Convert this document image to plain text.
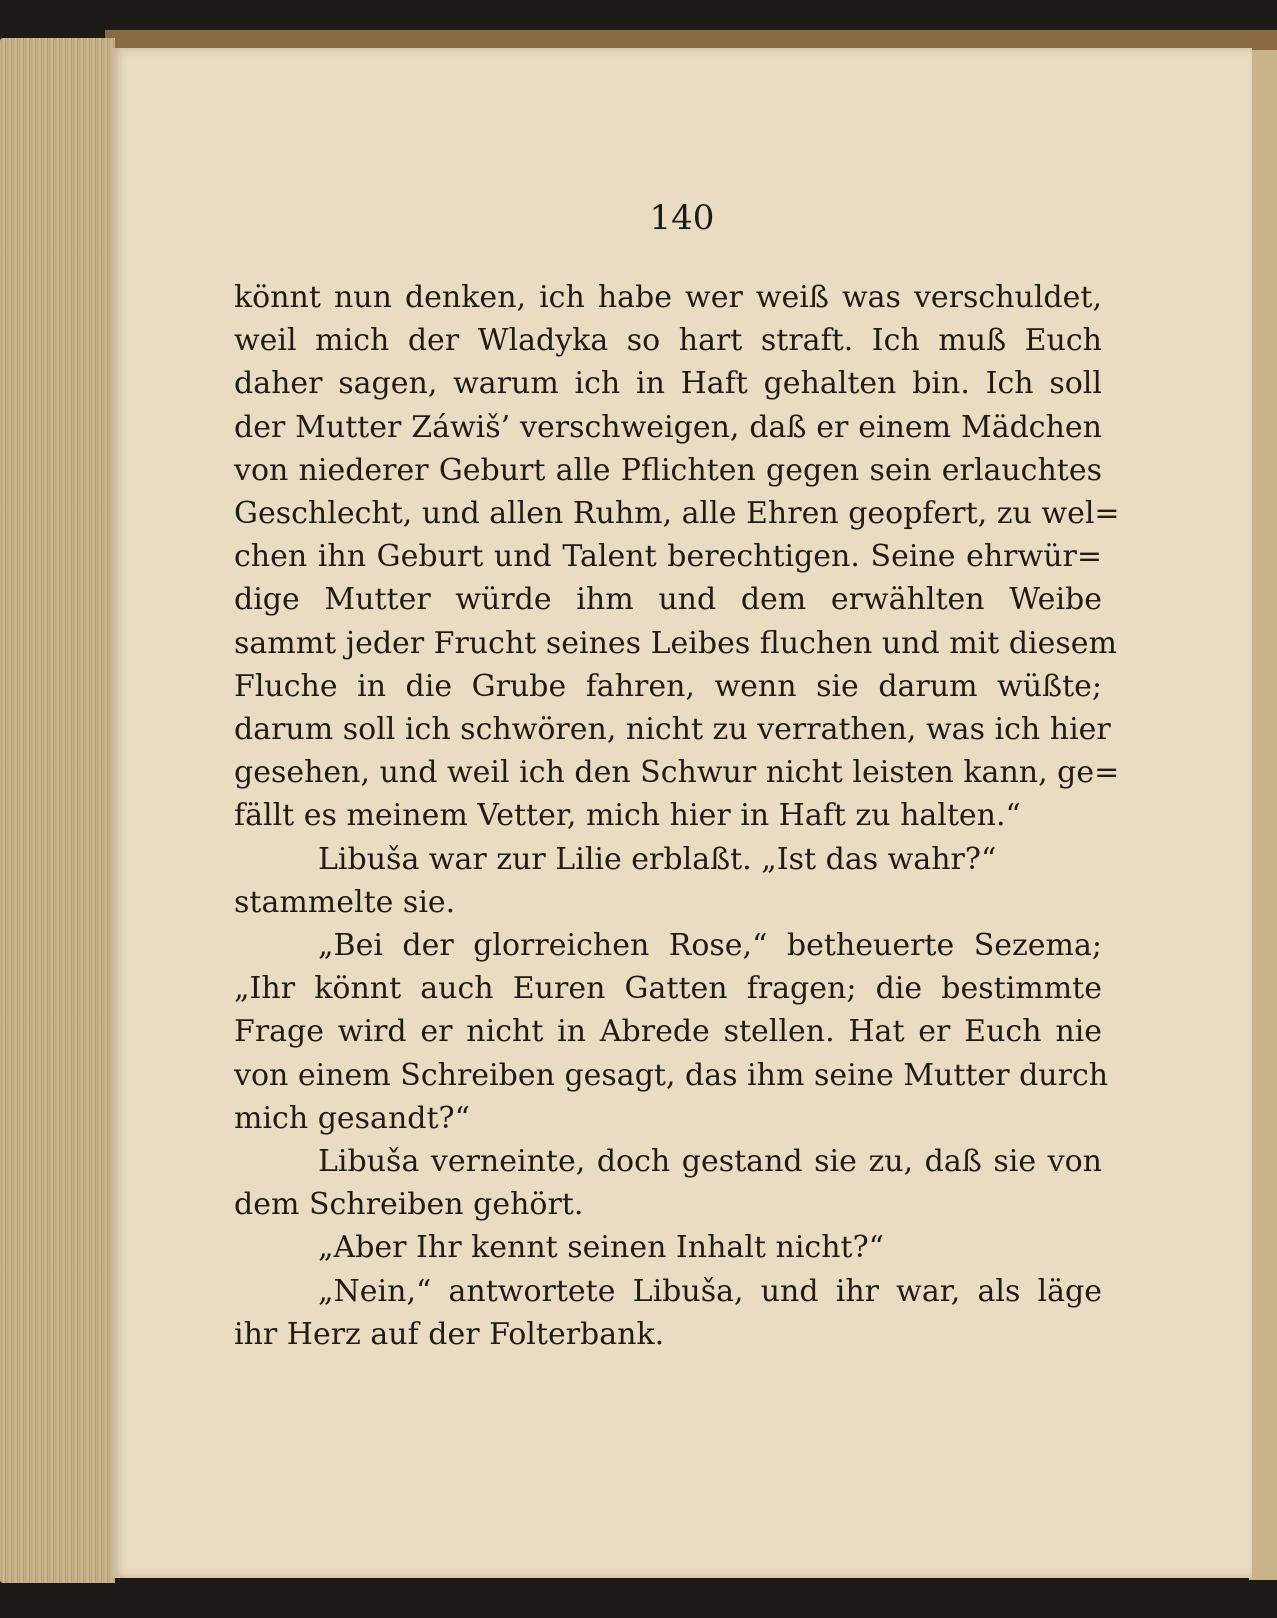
140
könnt nun denken, ich habe wer weiß was verschuldet,
weil mich der Wladyka so hart straft. Ich muß Euch
daher sagen, warum ich in Haft gehalten bin. Ich soll
der Mutter Záwiš’ verschweigen, daß er einem Mädchen
von niederer Geburt alle Pflichten gegen sein erlauchtes
Geschlecht, und allen Ruhm, alle Ehren geopfert, zu wel=
chen ihn Geburt und Talent berechtigen. Seine ehrwür=
dige Mutter würde ihm und dem erwählten Weibe
sammt jeder Frucht seines Leibes fluchen und mit diesem
Fluche in die Grube fahren, wenn sie darum wüßte;
darum soll ich schwören, nicht zu verrathen, was ich hier
gesehen, und weil ich den Schwur nicht leisten kann, ge=
fällt es meinem Vetter, mich hier in Haft zu halten.“
Libuša war zur Lilie erblaßt. „Ist das wahr?“
stammelte sie.
„Bei der glorreichen Rose,“ betheuerte Sezema;
„Ihr könnt auch Euren Gatten fragen; die bestimmte
Frage wird er nicht in Abrede stellen. Hat er Euch nie
von einem Schreiben gesagt, das ihm seine Mutter durch
mich gesandt?“
Libuša verneinte, doch gestand sie zu, daß sie von
dem Schreiben gehört.
„Aber Ihr kennt seinen Inhalt nicht?“
„Nein,“ antwortete Libuša, und ihr war, als läge
ihr Herz auf der Folterbank.
